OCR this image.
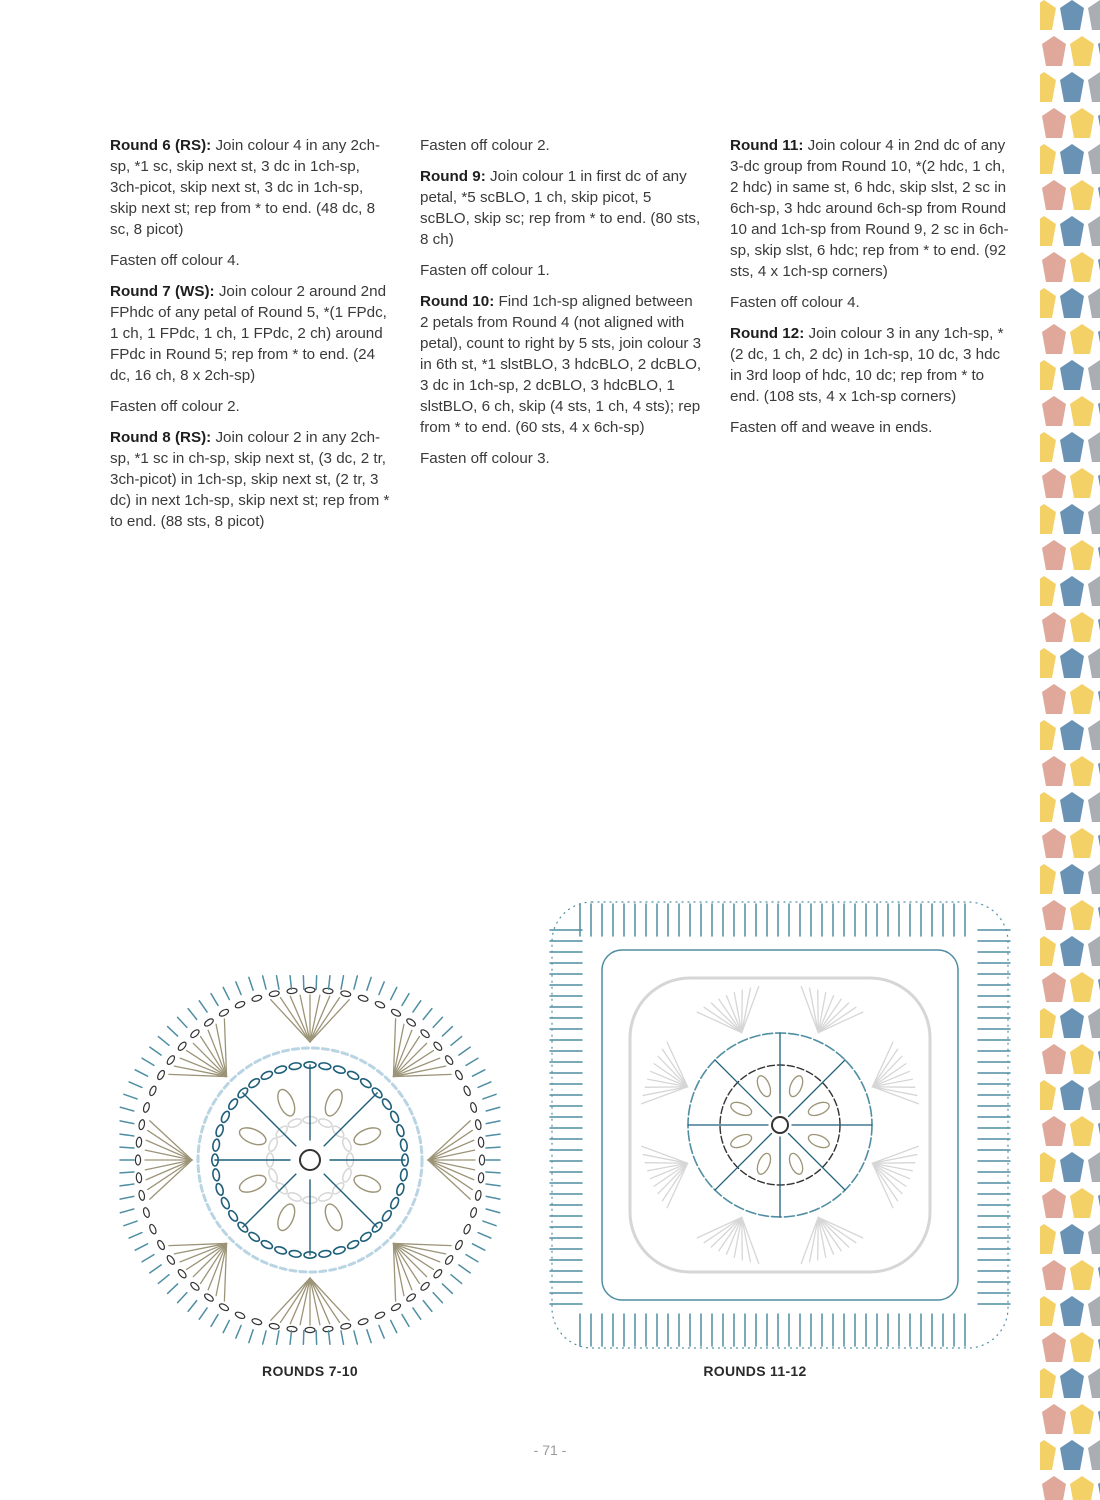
Round 6 (RS): Join colour 4 in any 2ch-sp, *1 sc, skip next st, 3 dc in 1ch-sp, 3ch-picot, skip next st, 3 dc in 1ch-sp, skip next st; rep from * to end. (48 dc, 8 sc, 8 picot)

Fasten off colour 4.

Round 7 (WS): Join colour 2 around 2nd FPhdc of any petal of Round 5, *(1 FPdc, 1 ch, 1 FPdc, 1 ch, 1 FPdc, 2 ch) around FPdc in Round 5; rep from * to end. (24 dc, 16 ch, 8 x 2ch-sp)

Fasten off colour 2.

Round 8 (RS): Join colour 2 in any 2ch-sp, *1 sc in ch-sp, skip next st, (3 dc, 2 tr, 3ch-picot) in 1ch-sp, skip next st, (2 tr, 3 dc) in next 1ch-sp, skip next st; rep from * to end. (88 sts, 8 picot)

Fasten off colour 2.

Round 9: Join colour 1 in first dc of any petal, *5 scBLO, 1 ch, skip picot, 5 scBLO, skip sc; rep from * to end. (80 sts, 8 ch)

Fasten off colour 1.

Round 10: Find 1ch-sp aligned between 2 petals from Round 4 (not aligned with petal), count to right by 5 sts, join colour 3 in 6th st, *1 slstBLO, 3 hdcBLO, 2 dcBLO, 3 dc in 1ch-sp, 2 dcBLO, 3 hdcBLO, 1 slstBLO, 6 ch, skip (4 sts, 1 ch, 4 sts); rep from * to end. (60 sts, 4 x 6ch-sp)

Fasten off colour 3.

Round 11: Join colour 4 in 2nd dc of any 3-dc group from Round 10, *(2 hdc, 1 ch, 2 hdc) in same st, 6 hdc, skip slst, 2 sc in 6ch-sp, 3 hdc around 6ch-sp from Round 10 and 1ch-sp from Round 9, 2 sc in 6ch-sp, skip slst, 6 hdc; rep from * to end. (92 sts, 4 x 1ch-sp corners)

Fasten off colour 4.

Round 12: Join colour 3 in any 1ch-sp, *(2 dc, 1 ch, 2 dc) in 1ch-sp, 10 dc, 3 hdc in 3rd loop of hdc, 10 dc; rep from * to end. (108 sts, 4 x 1ch-sp corners)

Fasten off and weave in ends.

ROUNDS 7-10	ROUNDS 11-12
- 71 -
